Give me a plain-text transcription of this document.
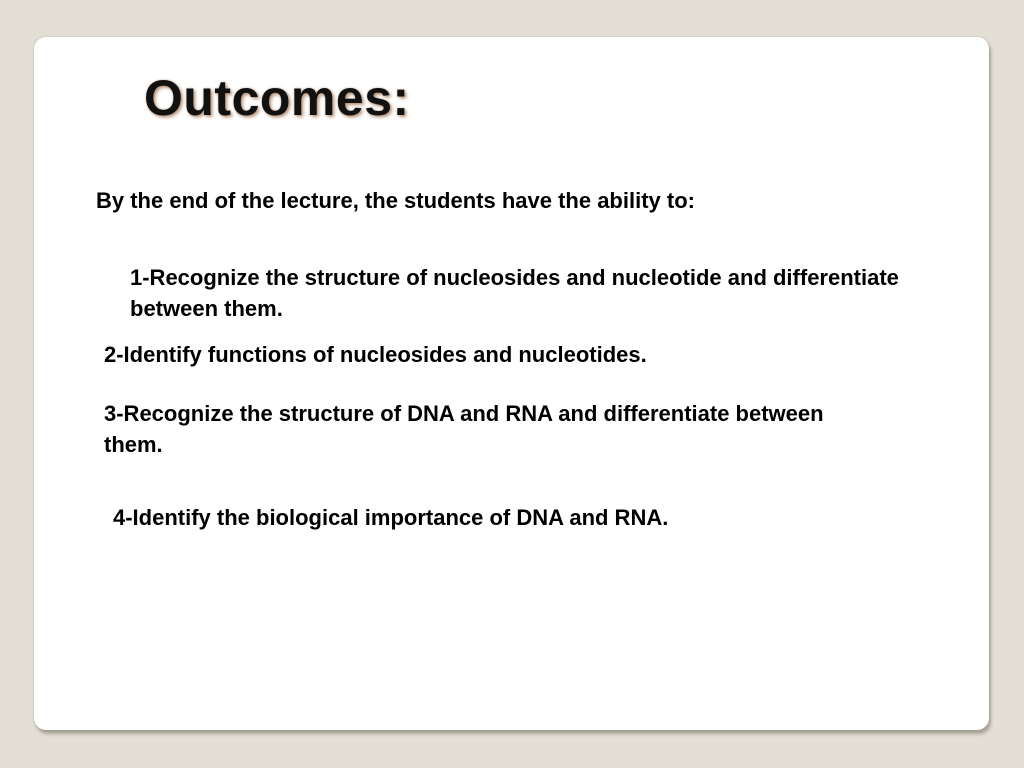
Outcomes:

By the end of the lecture, the students have the ability to:

1-Recognize the structure of nucleosides and nucleotide and differentiate between them.

2-Identify functions of nucleosides and nucleotides.

3-Recognize the structure of DNA and RNA and differentiate between them.

4-Identify the biological importance of DNA and RNA.
